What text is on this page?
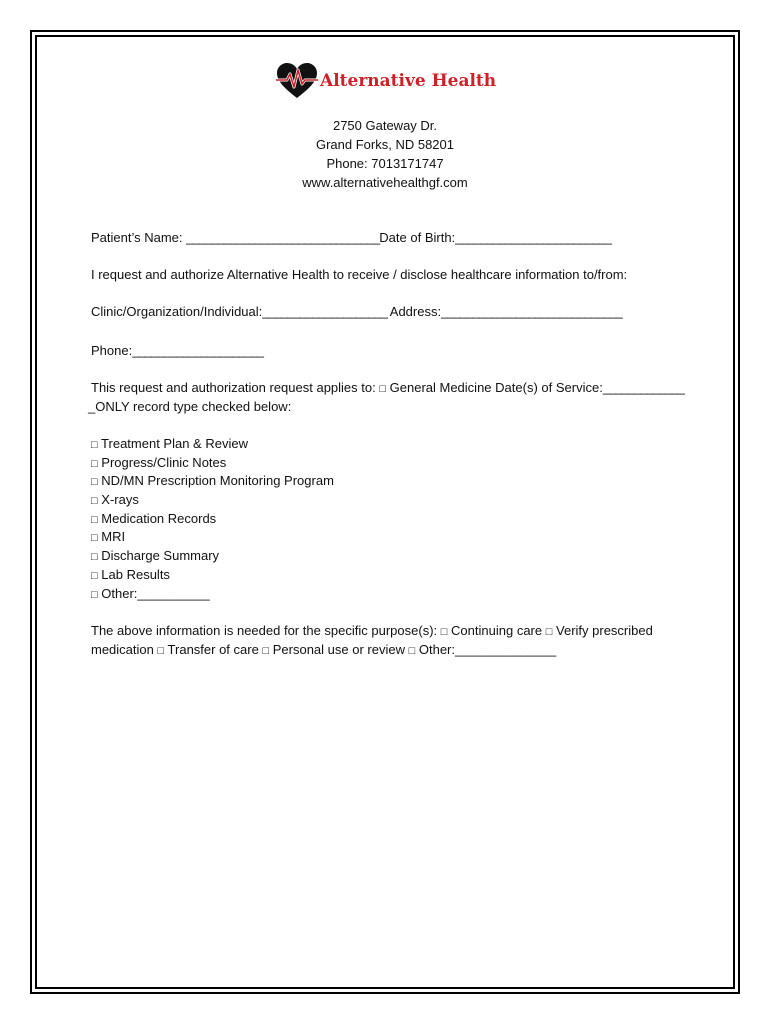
Alternative Health
2750 Gateway Dr.
Grand Forks, ND 58201
Phone: 7013171747
www.alternativehealthgf.com
Patient’s Name: _______________________________Date of Birth:_________________________
I request and authorize Alternative Health to receive / disclose healthcare information to/from:
Clinic/Organization/Individual:____________________ Address:_____________________________
Phone:_____________________
This request and authorization request applies to: □ General Medicine Date(s) of Service:_____________
_ONLY record type checked below:
□ Treatment Plan & Review
□ Progress/Clinic Notes
□ ND/MN Prescription Monitoring Program
□ X-rays
□ Medication Records
□ MRI
□ Discharge Summary
□ Lab Results
□ Other:__________
The above information is needed for the specific purpose(s): □ Continuing care □ Verify prescribed
medication □ Transfer of care □ Personal use or review □ Other:______________
